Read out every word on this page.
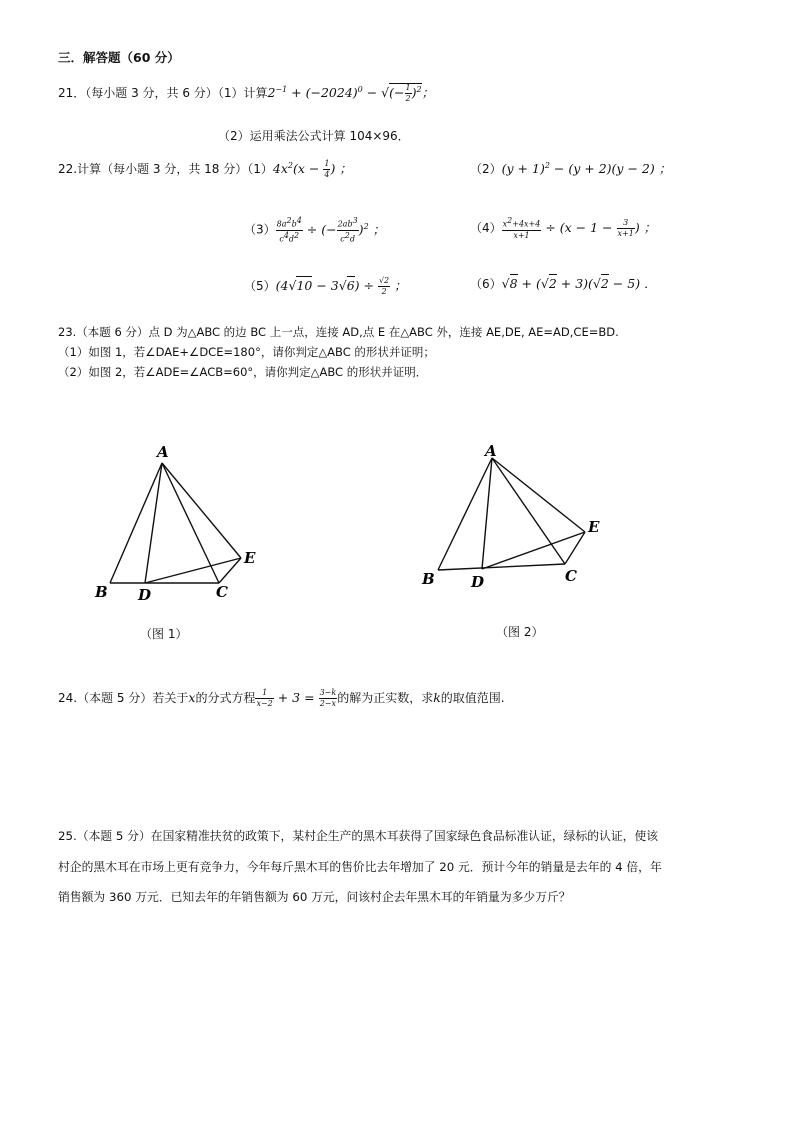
三．解答题（60 分）
21．（每小题 3 分，共 6 分）（1）计算$2^{-1} + (-2024)^0$ − √(− $\frac{1}{2} )^2$；
（2）运用乘法公式计算 104×96．
22.计算（每小题 3 分，共 18 分）$(1)4x^2(x - \frac{1}{4}$ ) ；	$(2)(y + 1)^2 - (y + 2)(y - 2)$ ；
$(3) \frac{8a^2b^4}{c^4d^2}$ ÷ (− $\frac{2ab^3}{c^2d} )^2$ ；	$(4) \frac{x^2+4x+4}{x+1} \div (x - 1 - \frac{3}{x+1}$ ) ；
$(5)(4√10 - 3√6) \div \frac{√2}{2}$ ；	（6）√8 + (√2 + 3)(√2 − 5) ．
23.（本题 6 分）点 D 为△ABC 的边 BC 上一点，连接 AD,点 E 在△ABC 外，连接 AE,DE, AE=AD,CE=BD.
（1）如图 1，若∠DAE+∠DCE=180°，请你判定△ABC 的形状并证明；
（2）如图 2，若∠ADE=∠ACB=60°，请你判定△ABC 的形状并证明．
A
B D	C
E
（图 1）
A
B D	C
E
（图 2）
24.（本题 5 分）若关于x的分式方程 $\frac{1}{x-2} + 3 = \frac{3-k}{2-x}$ 的解为正实数，求k的取值范围.
25.（本题 5 分）在国家精准扶贫的政策下，某村企生产的黑木耳获得了国家绿色食品标准认证，绿标的认证，使该
村企的黑木耳在市场上更有竞争力，今年每斤黑木耳的售价比去年增加了 20 元．预计今年的销量是去年的 4 倍，年
销售额为 360 万元．已知去年的年销售额为 60 万元，问该村企去年黑木耳的年销量为多少万斤？
